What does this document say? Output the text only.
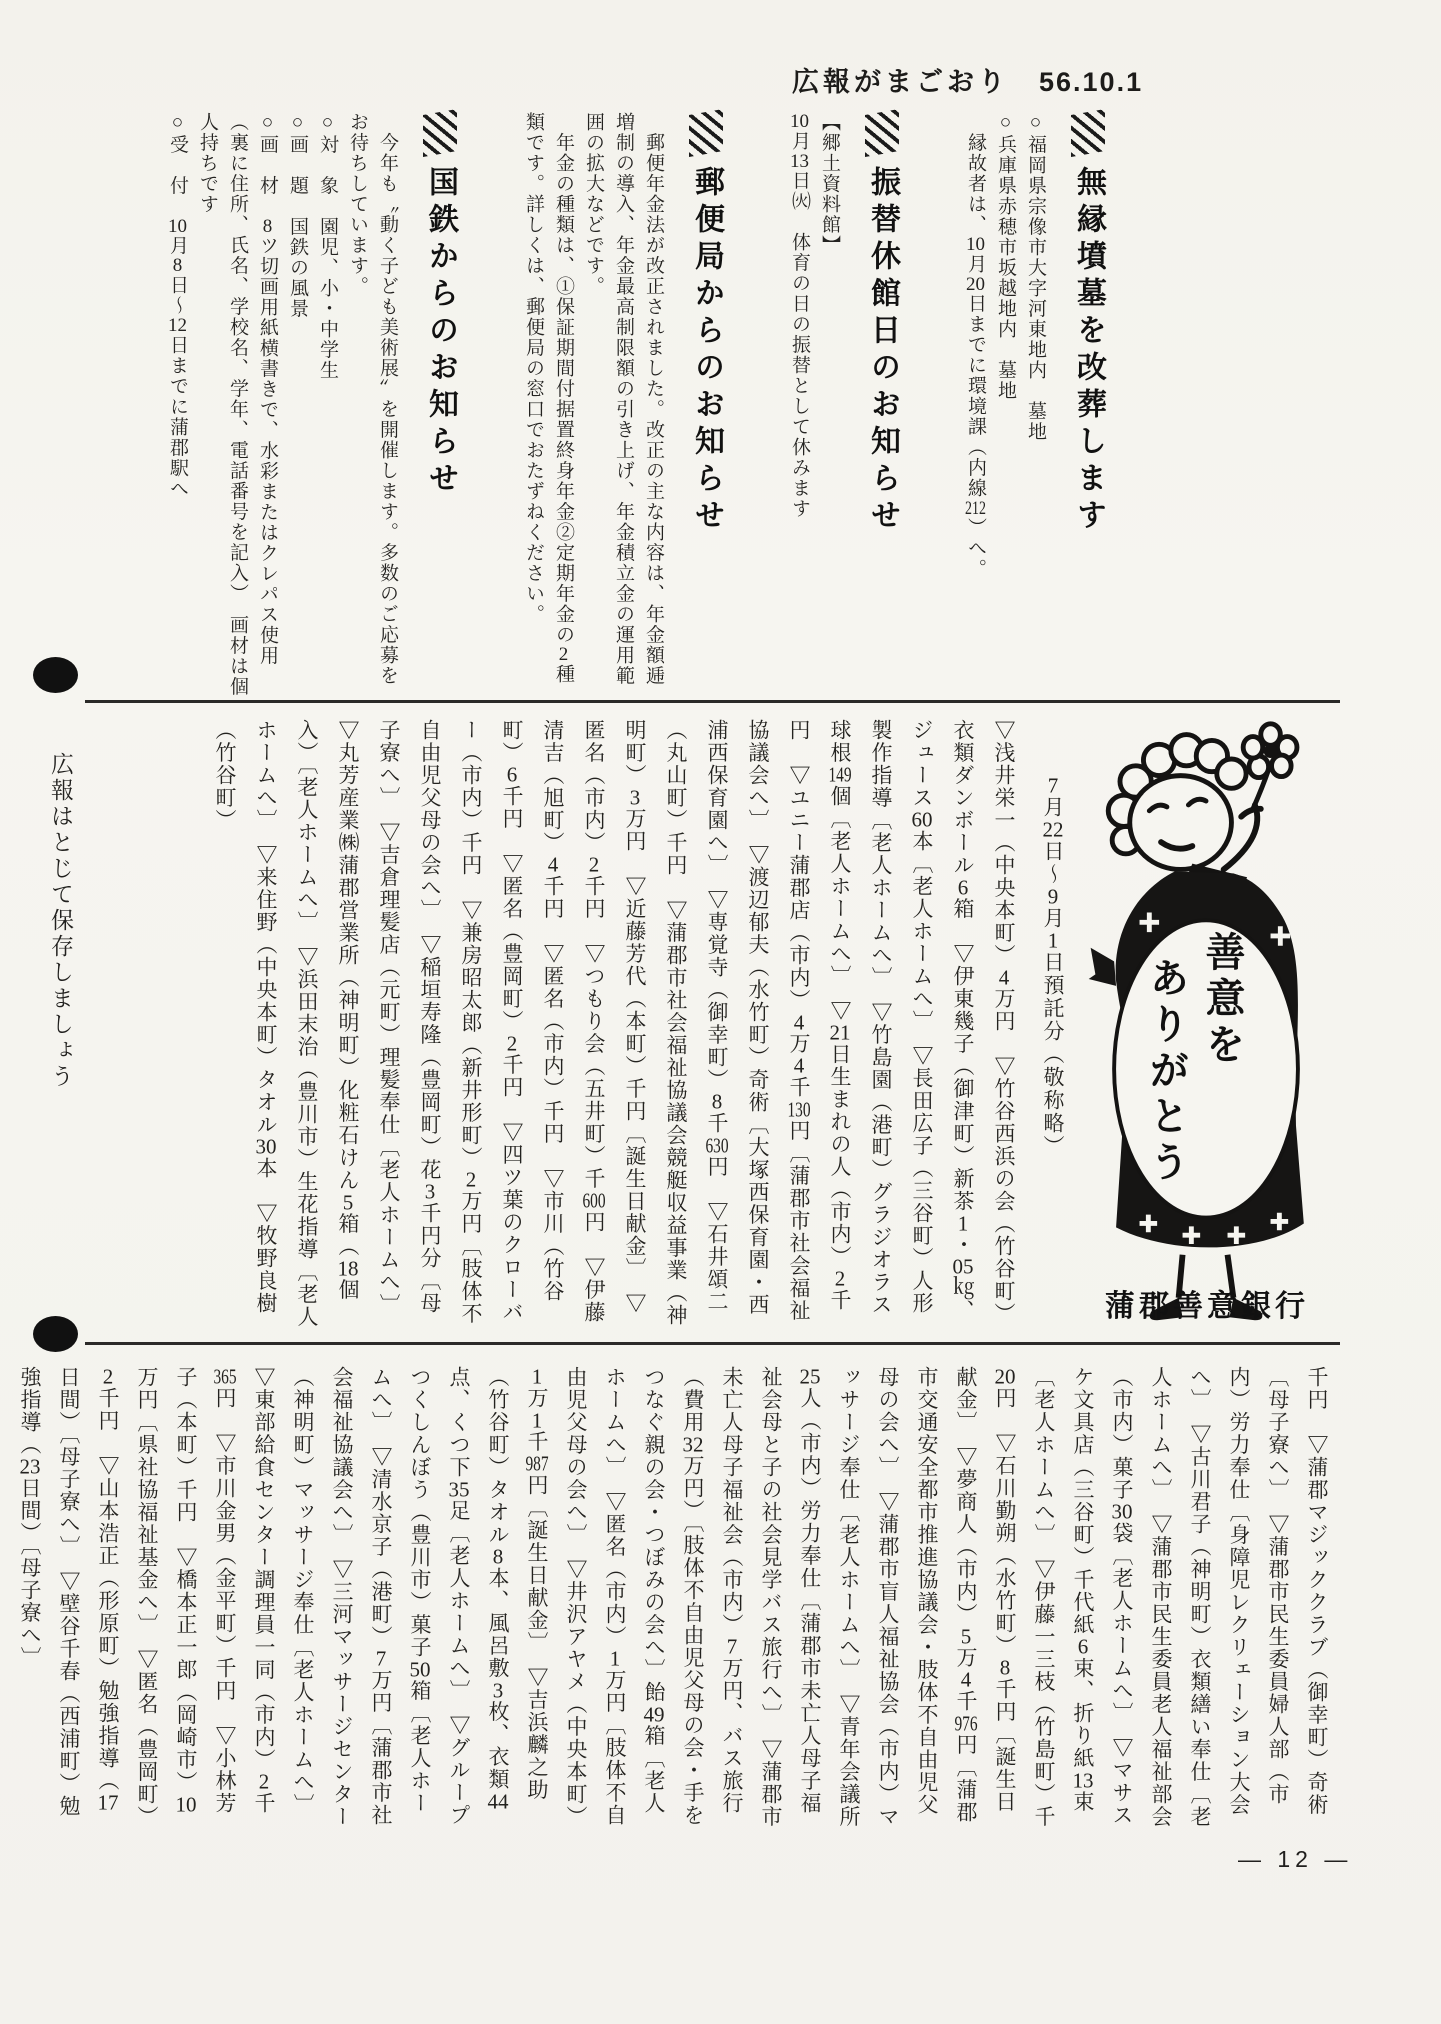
広報がまごおり 56.10.1
無縁墳墓を改葬します

○福岡県宗像市大字河東地内　墓地

○兵庫県赤穂市坂越地内　墓地

　縁故者は、10月20日までに環境課（内線212）へ。

振替休館日のお知らせ

【郷土資料館】

10月13日㈫　体育の日の振替として休みます

郵便局からのお知らせ

　郵便年金法が改正されました。改正の主な内容は、年金額逓増制の導入、年金最高制限額の引き上げ、年金積立金の運用範囲の拡大などです。

　年金の種類は、①保証期間付据置終身年金②定期年金の2種類です。詳しくは、郵便局の窓口でおたずねください。

国鉄からのお知らせ

　今年も〝動く子ども美術展〟を開催します。多数のご応募をお待ちしています。

○対　象　園児、小・中学生

○画　題　国鉄の風景

○画　材　8ツ切画用紙横書きで、水彩またはクレパス使用（裏に住所、氏名、学校名、学年、電話番号を記入）　画材は個人持ちです

○受　付　10月8日〜12日までに蒲郡駅へ

7月22日〜9月1日預託分（敬称略）

▽浅井栄一（中央本町）4万円　▽竹谷西浜の会（竹谷町）衣類ダンボール6箱　▽伊東幾子（御津町）新茶1・05㎏、ジュース60本〔老人ホームへ〕　▽長田広子（三谷町）人形製作指導〔老人ホームへ〕　▽竹島園（港町）グラジオラス球根149個〔老人ホームへ〕　▽21日生まれの人（市内）2千円　▽ユニー蒲郡店（市内）4万4千130円〔蒲郡市社会福祉協議会へ〕　▽渡辺郁夫（水竹町）奇術〔大塚西保育園・西浦西保育園へ〕　▽専覚寺（御幸町）8千630円　▽石井頌二（丸山町）千円　▽蒲郡市社会福祉協議会競艇収益事業（神明町）3万円　▽近藤芳代（本町）千円〔誕生日献金〕　▽匿名（市内）2千円　▽つもり会（五井町）千600円　▽伊藤清吉（旭町）4千円　▽匿名（市内）千円　▽市川（竹谷町）6千円　▽匿名（豊岡町）2千円　▽四ツ葉のクローバー（市内）千円　▽兼房昭太郎（新井形町）2万円〔肢体不自由児父母の会へ〕　▽稲垣寿隆（豊岡町）花3千円分〔母子寮へ〕　▽吉倉理髪店（元町）理髪奉仕〔老人ホームへ〕　▽丸芳産業㈱蒲郡営業所（神明町）化粧石けん5箱（18個入）〔老人ホームへ〕　▽浜田末治（豊川市）生花指導〔老人ホームへ〕　▽来住野（中央本町）タオル30本　▽牧野良樹（竹谷町）

善意を
ありがとう
蒲郡善意銀行

千円　▽蒲郡マジッククラブ（御幸町）奇術〔母子寮へ〕　▽蒲郡市民生委員婦人部（市内）労力奉仕〔身障児レクリェーション大会へ〕　▽古川君子（神明町）衣類繕い奉仕〔老人ホームへ〕　▽蒲郡市民生委員老人福祉部会（市内）菓子30袋〔老人ホームへ〕　▽マサスケ文具店（三谷町）千代紙6束、折り紙13束〔老人ホームへ〕　▽伊藤一三枝（竹島町）千20円　▽石川勤朔（水竹町）8千円〔誕生日献金〕　▽夢商人（市内）5万4千976円〔蒲郡市交通安全都市推進協議会・肢体不自由児父母の会へ〕　▽蒲郡市盲人福祉協会（市内）マッサージ奉仕〔老人ホームへ〕　▽青年会議所25人（市内）労力奉仕〔蒲郡市未亡人母子福祉会母と子の社会見学バス旅行へ〕　▽蒲郡市未亡人母子福祉会（市内）7万円、バス旅行（費用32万円）〔肢体不自由児父母の会・手をつなぐ親の会・つぼみの会へ〕飴49箱〔老人ホームへ〕　▽匿名（市内）1万円〔肢体不自由児父母の会へ〕　▽井沢アヤメ（中央本町）1万1千987円〔誕生日献金〕　▽吉浜麟之助（竹谷町）タオル8本、風呂敷3枚、衣類44点、くつ下35足〔老人ホームへ〕　▽グループつくしんぼう（豊川市）菓子50箱〔老人ホームへ〕　▽清水京子（港町）7万円〔蒲郡市社会福祉協議会へ〕　▽三河マッサージセンター（神明町）マッサージ奉仕〔老人ホームへ〕　▽東部給食センター調理員一同（市内）2千365円　▽市川金男（金平町）千円　▽小林芳子（本町）千円　▽橋本正一郎（岡崎市）10万円〔県社協福祉基金へ〕　▽匿名（豊岡町）2千円　▽山本浩正（形原町）勉強指導（17日間）〔母子寮へ〕　▽壁谷千春（西浦町）勉強指導（23日間）〔母子寮へ〕

広報はとじて保存しましょう
— 12 —
